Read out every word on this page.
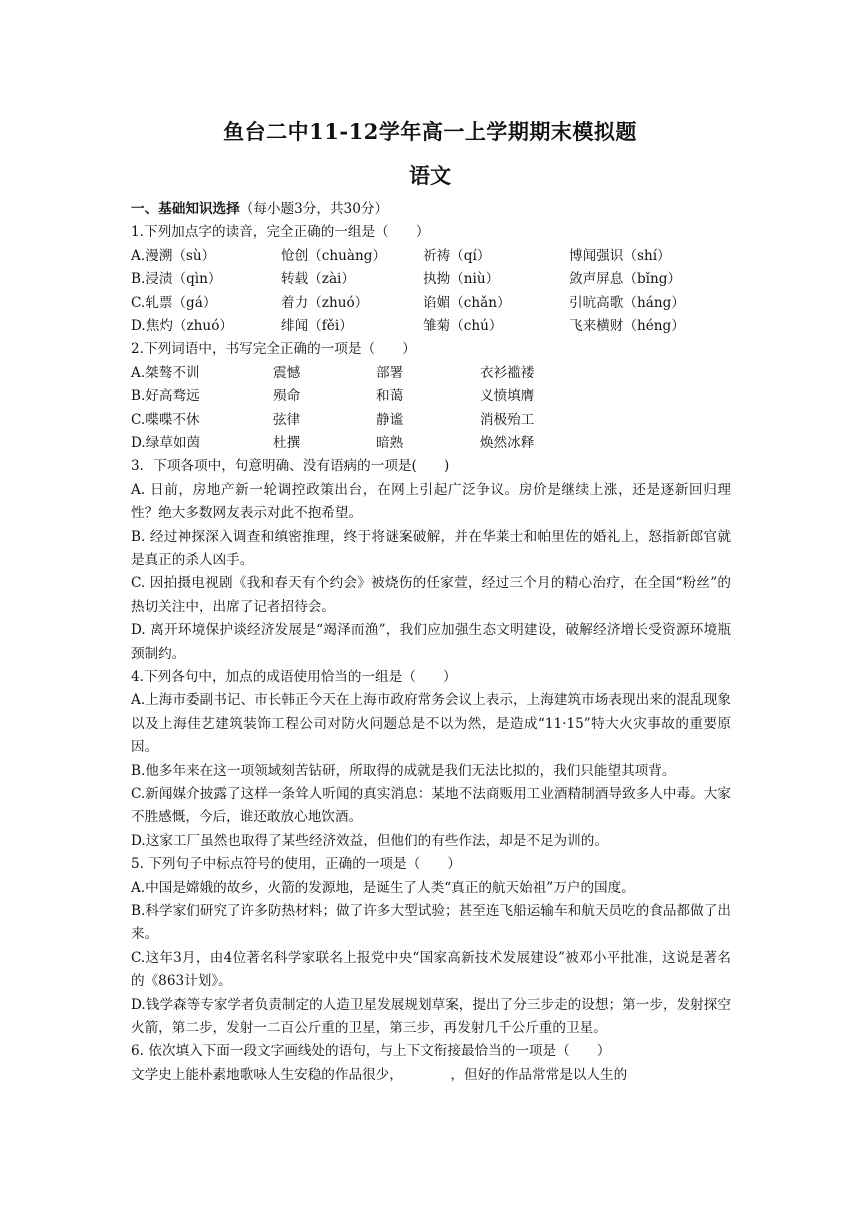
鱼台二中11-12学年高一上学期期末模拟题
语文
一、基础知识选择（每小题3分，共30分）
1.下列加点字的读音，完全正确的一组是（　　）
A.漫溯（sù）	怆创（chuàng）	祈祷（qí）	博闻强识（shí）
B.浸渍（qìn）	转载（zài）	执拗（niù）	敛声屏息（bǐng）
C.轧票（gá）	着力（zhuó）	谄媚（chǎn）	引吭高歌（háng）
D.焦灼（zhuó）	绯闻（fěi）	雏菊（chú）	飞来横财（héng）
2.下列词语中，书写完全正确的一项是（　　）
A.桀骜不训	震憾	部署	衣衫褴褛
B.好高骛远	殒命	和蔼	义愤填膺
C.喋喋不休	弦律	静谧	消极殆工
D.绿草如茵	杜撰	暗熟	焕然冰释
3．下项各项中，句意明确、没有语病的一项是(　　)
A. 日前，房地产新一轮调控政策出台，在网上引起广泛争议。房价是继续上涨，还是逐新回归理性？绝大多数网友表示对此不抱希望。
B. 经过神探深入调查和缜密推理，终于将谜案破解，并在华莱士和帕里佐的婚礼上，怒指新郎官就是真正的杀人凶手。
C. 因拍摄电视剧《我和春天有个约会》被烧伤的任家萱，经过三个月的精心治疗，在全国“粉丝”的热切关注中，出席了记者招待会。
D. 离开环境保护谈经济发展是“竭泽而渔”，我们应加强生态文明建设，破解经济增长受资源环境瓶颈制约。
4.下列各句中，加点的成语使用恰当的一组是（　　）
A.上海市委副书记、市长韩正今天在上海市政府常务会议上表示，上海建筑市场表现出来的混乱现象以及上海佳艺建筑装饰工程公司对防火问题总是不以为然，是造成“11·15”特大火灾事故的重要原因。
B.他多年来在这一项领域刻苦钻研，所取得的成就是我们无法比拟的，我们只能望其项背。
C.新闻媒介披露了这样一条耸人听闻的真实消息：某地不法商贩用工业酒精制酒导致多人中毒。大家不胜感慨，今后，谁还敢放心地饮酒。
D.这家工厂虽然也取得了某些经济效益，但他们的有些作法，却是不足为训的。
5. 下列句子中标点符号的使用，正确的一项是（　　）
A.中国是嫦娥的故乡，火箭的发源地，是诞生了人类“真正的航天始祖”万户的国度。
B.科学家们研究了许多防热材料；做了许多大型试验；甚至连飞船运输车和航天员吃的食品都做了出来。
C.这年3月，由4位著名科学家联名上报党中央“国家高新技术发展建设”被邓小平批准，这说是著名的《863计划》。
D.钱学森等专家学者负责制定的人造卫星发展规划草案，提出了分三步走的设想；第一步，发射探空火箭，第二步，发射一二百公斤重的卫星，第三步，再发射几千公斤重的卫星。
6. 依次填入下面一段文字画线处的语句，与上下文衔接最恰当的一项是（　　）
文学史上能朴素地歌咏人生安稳的作品很少，　　　　，但好的作品常常是以人生的
